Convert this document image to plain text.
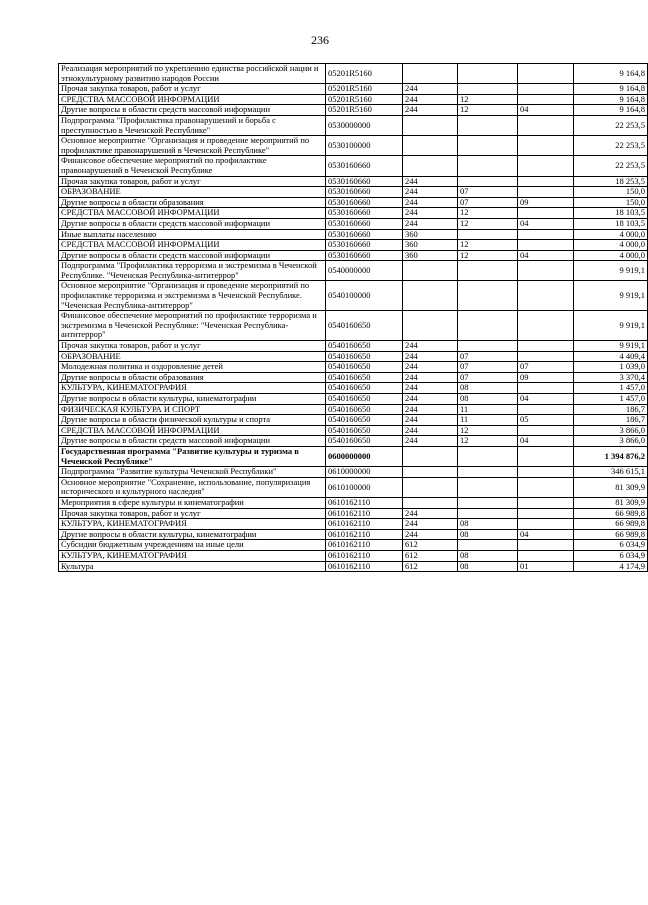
236
Реализация мероприятий по укреплению единства российской нации и этнокультурному развитию народов России	05201R5160				9 164,8
Прочая закупка товаров, работ и услуг	05201R5160	244			9 164,8
СРЕДСТВА МАССОВОЙ ИНФОРМАЦИИ	05201R5160	244	12		9 164,8
Другие вопросы в области средств массовой информации	05201R5160	244	12	04	9 164,8
Подпрограмма "Профилактика правонарушений и борьба с преступностью в Чеченской Республике"	0530000000				22 253,5
Основное мероприятие "Организация и проведение мероприятий по профилактике правонарушений в Чеченской Республике"	0530100000				22 253,5
Финансовое обеспечение мероприятий по профилактике правонарушений в Чеченской Республике	0530160660				22 253,5
Прочая закупка товаров, работ и услуг	0530160660	244			18 253,5
ОБРАЗОВАНИЕ	0530160660	244	07		150,0
Другие вопросы в области образования	0530160660	244	07	09	150,0
СРЕДСТВА МАССОВОЙ ИНФОРМАЦИИ	0530160660	244	12		18 103,5
Другие вопросы в области средств массовой информации	0530160660	244	12	04	18 103,5
Иные выплаты населению	0530160660	360			4 000,0
СРЕДСТВА МАССОВОЙ ИНФОРМАЦИИ	0530160660	360	12		4 000,0
Другие вопросы в области средств массовой информации	0530160660	360	12	04	4 000,0
Подпрограмма "Профилактика терроризма и экстремизма в Чеченской Республике. "Чеченская Республика-антитеррор"	0540000000				9 919,1
Основное мероприятие "Организация и проведение мероприятий по профилактике терроризма и экстремизма в Чеченской Республике. "Чеченская Республика-антитеррор"	0540100000				9 919,1
Финансовое обеспечение мероприятий по профилактике терроризма и экстремизма в Чеченской Республике: "Чеченская Республика-антитеррор"	0540160650				9 919,1
Прочая закупка товаров, работ и услуг	0540160650	244			9 919,1
ОБРАЗОВАНИЕ	0540160650	244	07		4 409,4
Молодежная политика и оздоровление детей	0540160650	244	07	07	1 039,0
Другие вопросы в области образования	0540160650	244	07	09	3 370,4
КУЛЬТУРА, КИНЕМАТОГРАФИЯ	0540160650	244	08		1 457,0
Другие вопросы в области культуры, кинематографии	0540160650	244	08	04	1 457,0
ФИЗИЧЕСКАЯ КУЛЬТУРА И СПОРТ	0540160650	244	11		186,7
Другие вопросы в области физической культуры и спорта	0540160650	244	11	05	186,7
СРЕДСТВА МАССОВОЙ ИНФОРМАЦИИ	0540160650	244	12		3 866,0
Другие вопросы в области средств массовой информации	0540160650	244	12	04	3 866,0
Государственная программа "Развитие культуры и туризма в Чеченской Республике"	0600000000				1 394 876,2
Подпрограмма "Развитие культуры Чеченской Республики"	0610000000				346 615,1
Основное мероприятие "Сохранение, использование, популяризация исторического и культурного наследия"	0610100000				81 309,9
Мероприятия в сфере культуры и кинематографии	0610162110				81 309,9
Прочая закупка товаров, работ и услуг	0610162110	244			66 989,8
КУЛЬТУРА, КИНЕМАТОГРАФИЯ	0610162110	244	08		66 989,8
Другие вопросы в области культуры, кинематографии	0610162110	244	08	04	66 989,8
Субсидии бюджетным учреждениям на иные цели	0610162110	612			6 034,9
КУЛЬТУРА, КИНЕМАТОГРАФИЯ	0610162110	612	08		6 034,9
Культура	0610162110	612	08	01	4 174,9
